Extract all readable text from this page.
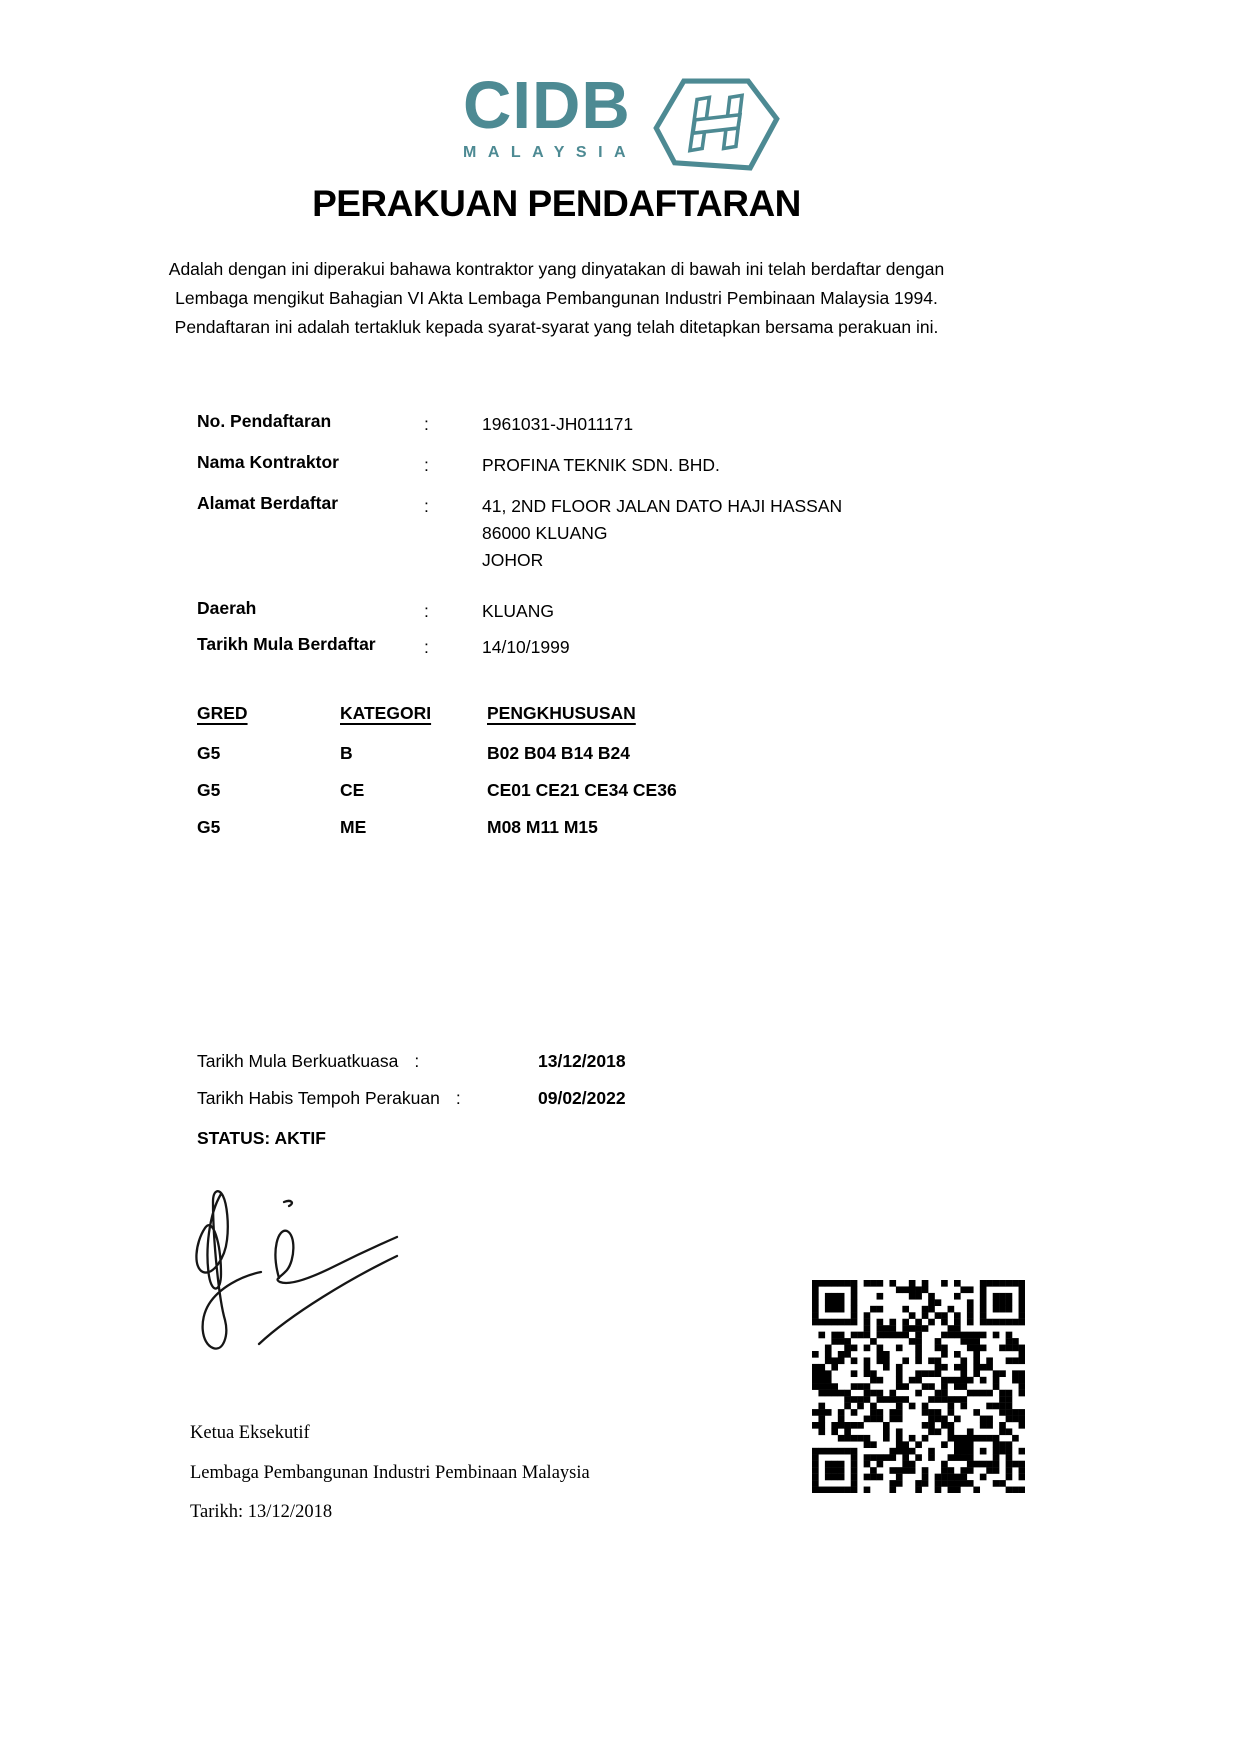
CIDB
MALAYSIA
PERAKUAN PENDAFTARAN
Adalah dengan ini diperakui bahawa kontraktor yang dinyatakan di bawah ini telah berdaftar dengan
Lembaga mengikut Bahagian VI Akta Lembaga Pembangunan Industri Pembinaan Malaysia 1994.
Pendaftaran ini adalah tertakluk kepada syarat-syarat yang telah ditetapkan bersama perakuan ini.
No. Pendaftaran	:	1961031-JH011171
Nama Kontraktor	:	PROFINA TEKNIK SDN. BHD.
Alamat Berdaftar	:	41, 2ND FLOOR JALAN DATO HAJI HASSAN
86000 KLUANG
JOHOR
Daerah	:	KLUANG
Tarikh Mula Berdaftar	:	14/10/1999
GRED	KATEGORI	PENGKHUSUSAN
G5	B	B02 B04 B14 B24
G5	CE	CE01 CE21 CE34 CE36
G5	ME	M08 M11 M15
Tarikh Mula Berkuatkuasa :	13/12/2018
Tarikh Habis Tempoh Perakuan :	09/02/2022
STATUS: AKTIF
Ketua Eksekutif
Lembaga Pembangunan Industri Pembinaan Malaysia
Tarikh: 13/12/2018
